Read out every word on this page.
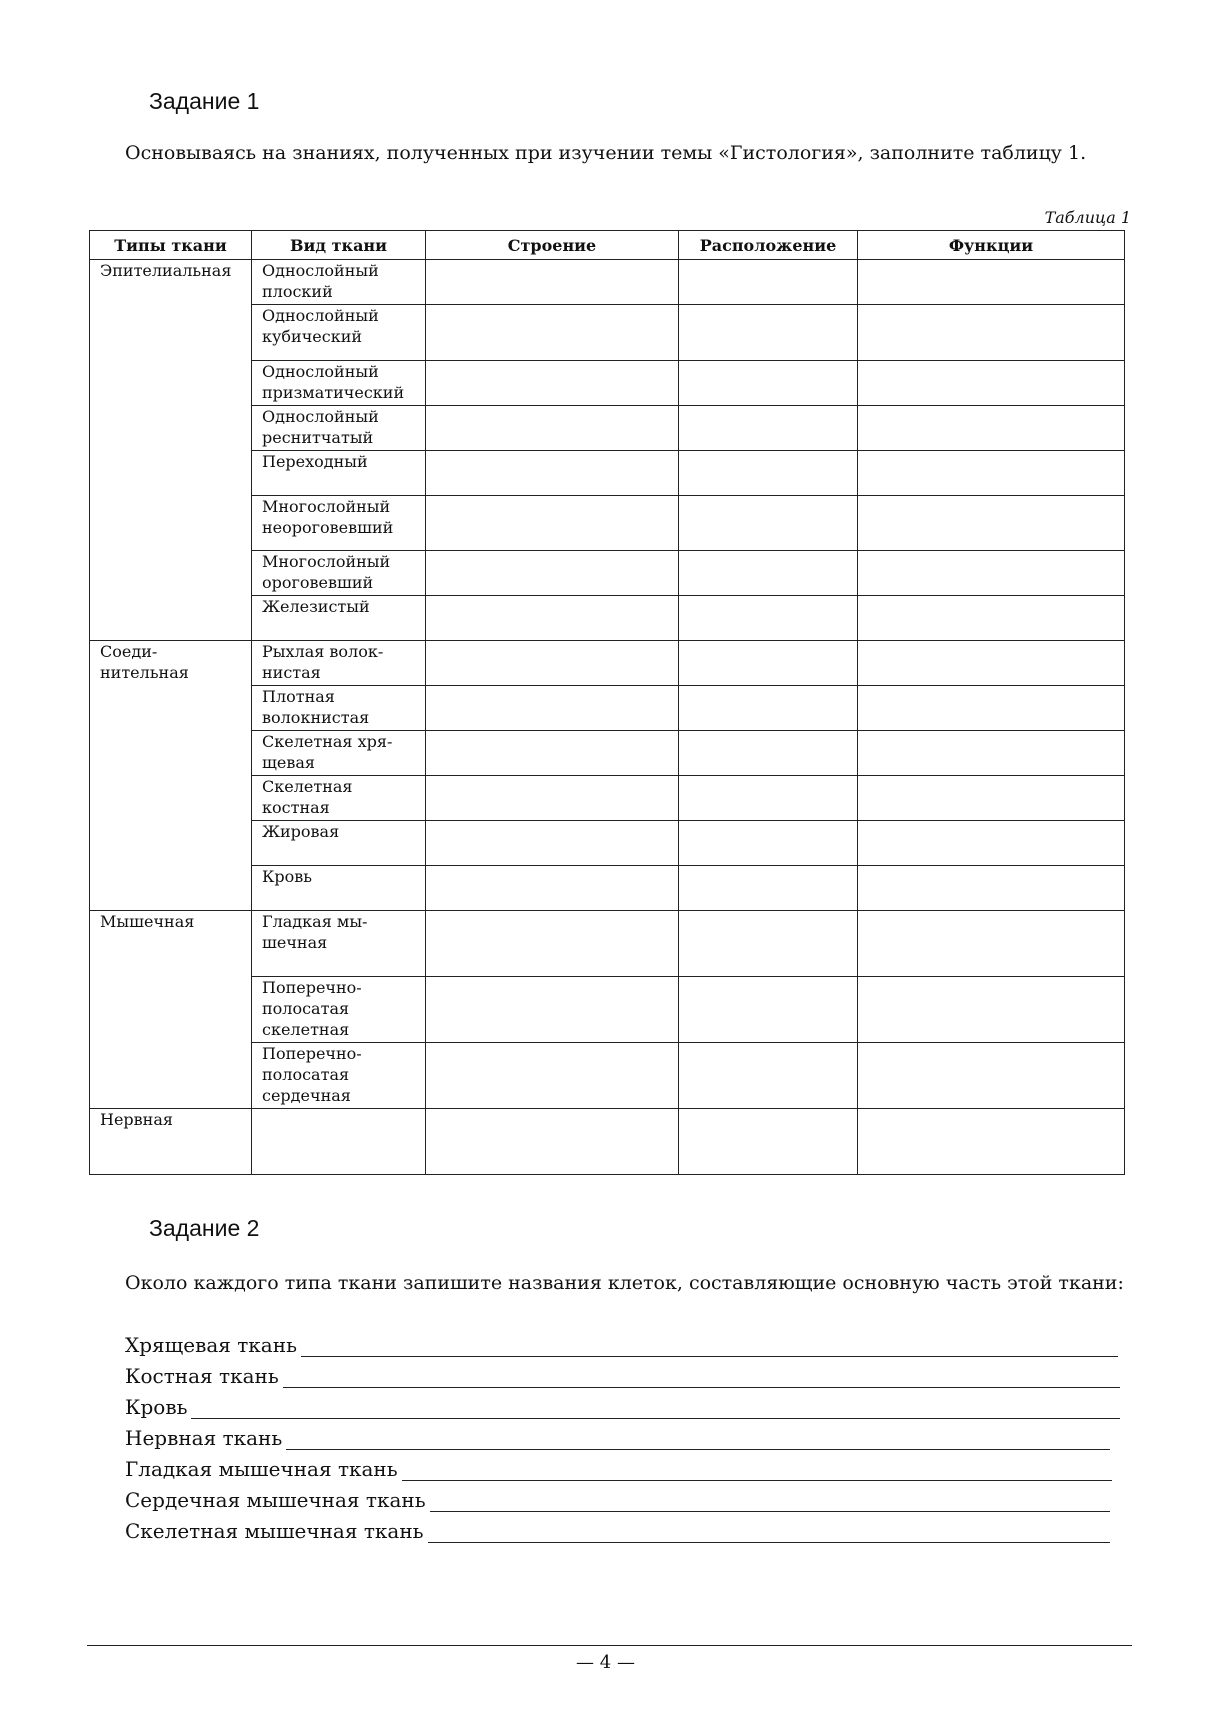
Задание 1

Основываясь на знаниях, полученных при изучении темы «Гистология», заполните таблицу 1.

Таблица 1
Типы ткани	Вид ткани	Строение	Расположение	Функции
Эпителиальная	Однослойный плоский			
	Однослойный кубический			
	Однослойный призматический			
	Однослойный реснитчатый			
	Переходный			
	Многослойный неороговевший			
	Многослойный ороговевший			
	Железистый			
Соеди-нительная	Рыхлая волок-нистая			
	Плотная волокнистая			
	Скелетная хря-щевая			
	Скелетная костная			
	Жировая			
	Кровь			
Мышечная	Гладкая мы-шечная			
	Поперечно-полосатая скелетная			
	Поперечно-полосатая сердечная			
Нервная				
Задание 2

Около каждого типа ткани запишите названия клеток, составляющие основную часть этой ткани:

Хрящевая ткань
Костная ткань
Кровь
Нервная ткань
Гладкая мышечная ткань
Сердечная мышечная ткань
Скелетная мышечная ткань
— 4 —
